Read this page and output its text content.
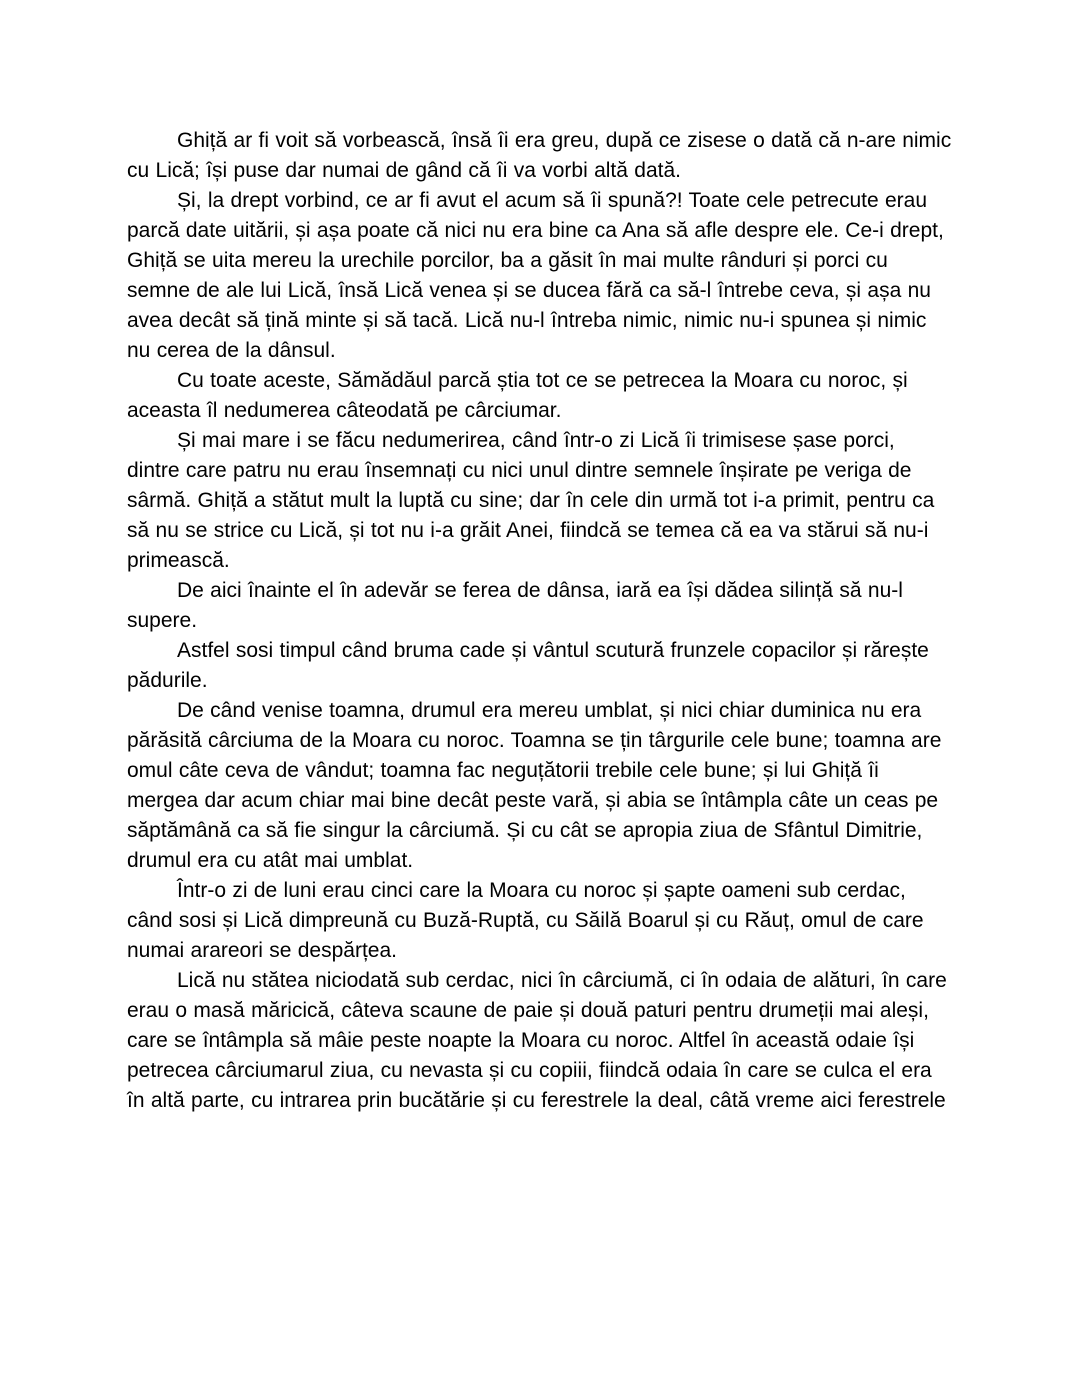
Ghiță ar fi voit să vorbească, însă îi era greu, după ce zisese o dată că n-are nimic cu Lică; își puse dar numai de gând că îi va vorbi altă dată.

Și, la drept vorbind, ce ar fi avut el acum să îi spună?! Toate cele petrecute erau parcă date uitării, și așa poate că nici nu era bine ca Ana să afle despre ele. Ce-i drept, Ghiță se uita mereu la urechile porcilor, ba a găsit în mai multe rânduri și porci cu semne de ale lui Lică, însă Lică venea și se ducea fără ca să-l întrebe ceva, și așa nu avea decât să țină minte și să tacă. Lică nu-l întreba nimic, nimic nu-i spunea și nimic nu cerea de la dânsul.

Cu toate aceste, Sămădăul parcă știa tot ce se petrecea la Moara cu noroc, și aceasta îl nedumerea câteodată pe cârciumar.

Și mai mare i se făcu nedumerirea, când într-o zi Lică îi trimisese șase porci, dintre care patru nu erau însemnați cu nici unul dintre semnele înșirate pe veriga de sârmă. Ghiță a stătut mult la luptă cu sine; dar în cele din urmă tot i-a primit, pentru ca să nu se strice cu Lică, și tot nu i-a grăit Anei, fiindcă se temea că ea va stărui să nu-i primească.

De aici înainte el în adevăr se ferea de dânsa, iară ea își dădea silință să nu-l supere.

Astfel sosi timpul când bruma cade și vântul scutură frunzele copacilor și rărește pădurile.

De când venise toamna, drumul era mereu umblat, și nici chiar duminica nu era părăsită cârciuma de la Moara cu noroc. Toamna se țin târgurile cele bune; toamna are omul câte ceva de vândut; toamna fac neguțătorii trebile cele bune; și lui Ghiță îi mergea dar acum chiar mai bine decât peste vară, și abia se întâmpla câte un ceas pe săptămână ca să fie singur la cârciumă. Și cu cât se apropia ziua de Sfântul Dimitrie, drumul era cu atât mai umblat.

Într-o zi de luni erau cinci care la Moara cu noroc și șapte oameni sub cerdac, când sosi și Lică dimpreună cu Buză-Ruptă, cu Săilă Boarul și cu Răuț, omul de care numai arareori se despărțea.

Lică nu stătea niciodată sub cerdac, nici în cârciumă, ci în odaia de alături, în care erau o masă măricică, câteva scaune de paie și două paturi pentru drumeții mai aleși, care se întâmpla să mâie peste noapte la Moara cu noroc. Altfel în această odaie își petrecea cârciumarul ziua, cu nevasta și cu copiii, fiindcă odaia în care se culca el era în altă parte, cu intrarea prin bucătărie și cu ferestrele la deal, câtă vreme aici ferestrele
